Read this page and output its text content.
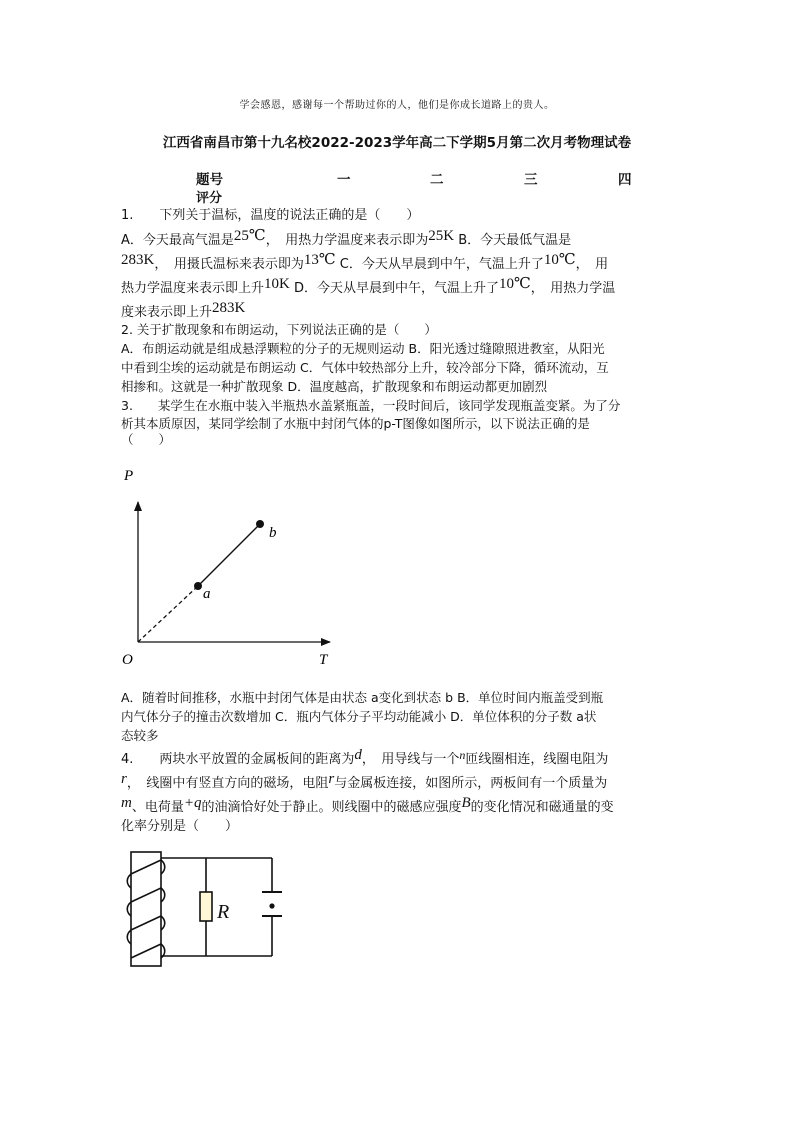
学会感恩，感谢每一个帮助过你的人，他们是你成长道路上的贵人。
江西省南昌市第十九名校2022-2023学年高二下学期5月第二次月考物理试卷
题号	一	二	三	四
评分
1.　　下列关于温标，温度的说法正确的是（　　）
A．今天最高气温是25℃，　用热力学温度来表示即为25K B．今天最低气温是
283K，　用摄氏温标来表示即为13℃ C．今天从早晨到中午，气温上升了10℃，　用
热力学温度来表示即上升10K D．今天从早晨到中午，气温上升了10℃，　用热力学温
度来表示即上升283K
2. 关于扩散现象和布朗运动，下列说法正确的是（　　）
A．布朗运动就是组成悬浮颗粒的分子的无规则运动 B．阳光透过缝隙照进教室，从阳光
中看到尘埃的运动就是布朗运动 C．气体中较热部分上升，较冷部分下降，循环流动，互
相掺和。这就是一种扩散现象 D．温度越高，扩散现象和布朗运动都更加剧烈
3.　　某学生在水瓶中装入半瓶热水盖紧瓶盖，一段时间后，该同学发现瓶盖变紧。为了分
析其本质原因，某同学绘制了水瓶中封闭气体的p-T图像如图所示，以下说法正确的是
（　　）
P
T
O
a
b
A．随着时间推移，水瓶中封闭气体是由状态 a变化到状态 b B．单位时间内瓶盖受到瓶
内气体分子的撞击次数增加 C．瓶内气体分子平均动能减小 D．单位体积的分子数 a状
态较多
4.　　两块水平放置的金属板间的距离为d，　用导线与一个n匝线圈相连，线圈电阻为
r，　线圈中有竖直方向的磁场，电阻r与金属板连接，如图所示，两板间有一个质量为
m、电荷量+q的油滴恰好处于静止。则线圈中的磁感应强度B的变化情况和磁通量的变
化率分别是（　　）
R
